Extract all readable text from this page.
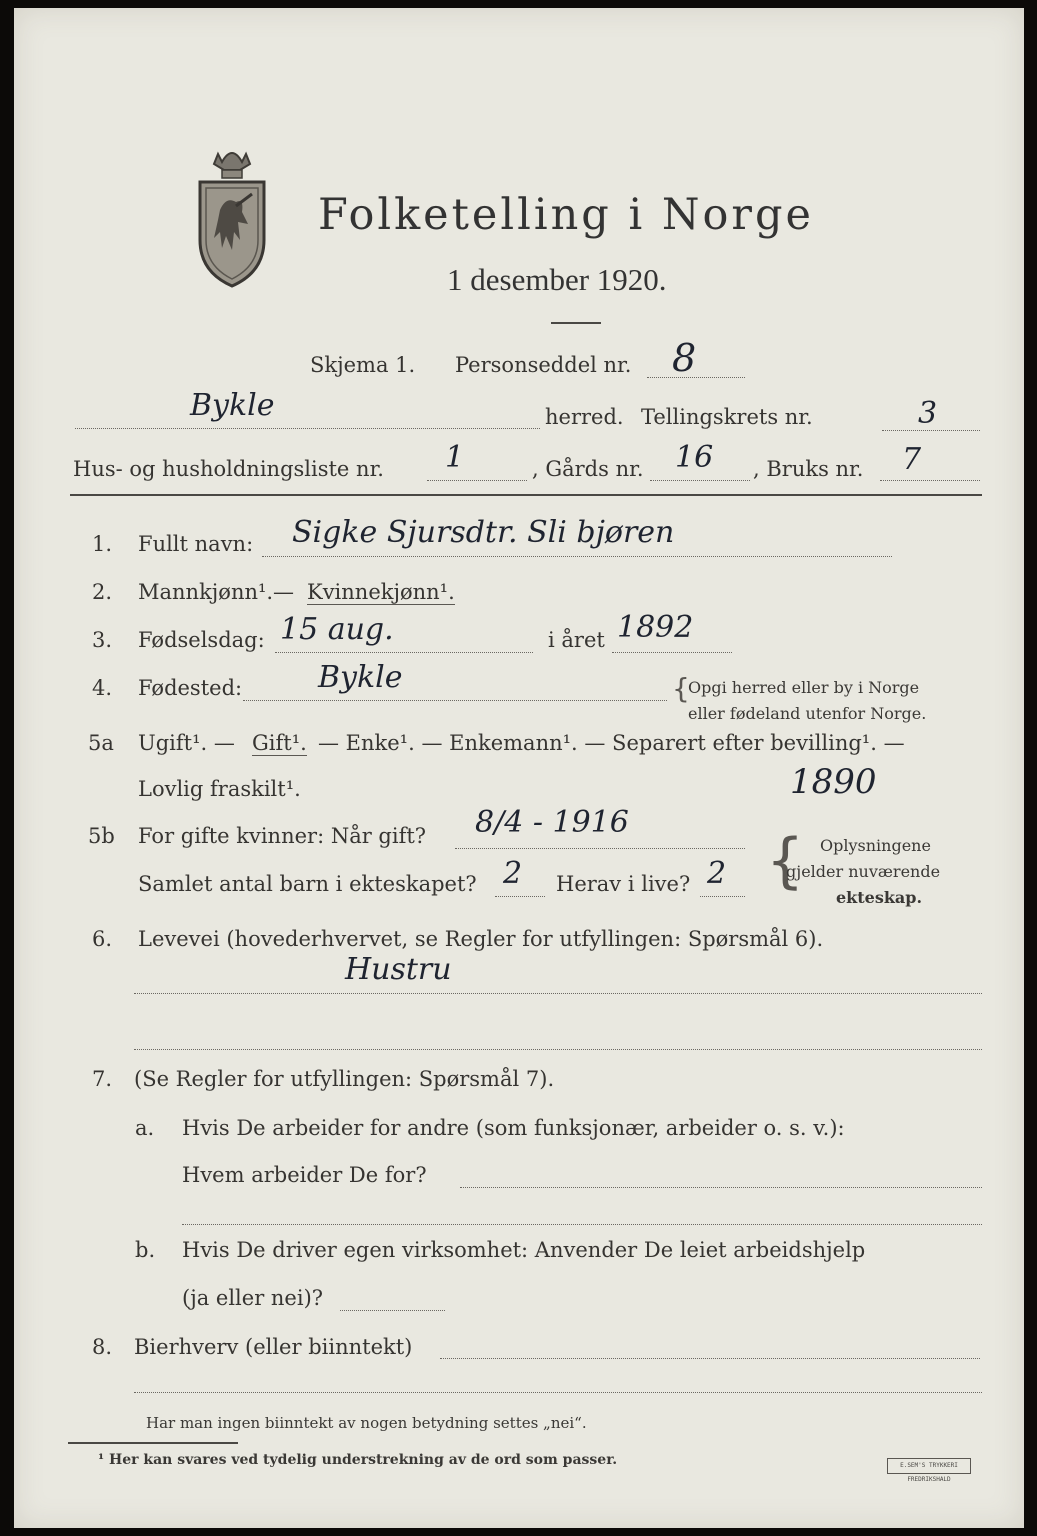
Folketelling i Norge
1 desember 1920.
Skjema 1. Personseddel nr. 8
Bykle	herred. Tellingskrets nr.	3
Hus- og husholdningsliste nr. 1	, Gårds nr. 16 , Bruks nr. 7
1. Fullt navn: Sigke Sjursdtr. Sli bjøren
2. Mannkjønn¹. — Kvinnekjønn¹.
3. Fødselsdag: 15 aug.	i året 1892
4. Fødested:	Bykle	{
Opgi herred eller by i Norge
eller fødeland utenfor Norge.
5a Ugift¹. — Gift¹. — Enke¹. — Enkemann¹. — Separert efter bevilling¹. —
Lovlig fraskilt¹.	1890
5b For gifte kvinner: Når gift? 8/4 - 1916
Samlet antal barn i ekteskapet? 2 Herav i live? 2 { Oplysningene
gjelder nuværende
ekteskap.
6. Levevei (hovederhvervet, se Regler for utfyllingen: Spørsmål 6).
Hustru
7. (Se Regler for utfyllingen: Spørsmål 7).
a. Hvis De arbeider for andre (som funksjonær, arbeider o. s. v.):
Hvem arbeider De for?
b. Hvis De driver egen virksomhet: Anvender De leiet arbeidshjelp
(ja eller nei)?
8. Bierhverv (eller biinntekt)
Har man ingen biinntekt av nogen betydning settes „nei“.
¹ Her kan svares ved tydelig understrekning av de ord som passer.	E.SEM'S TRYKKERI FREDRIKSHALD
